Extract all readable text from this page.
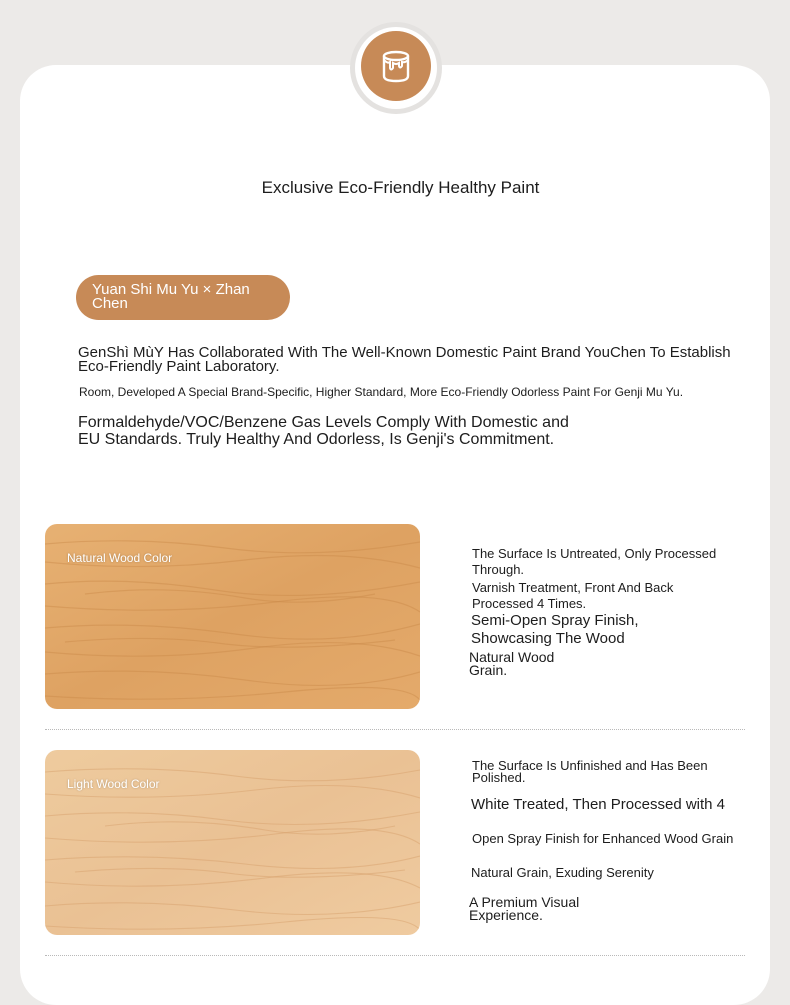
Exclusive Eco-Friendly Healthy Paint
Yuan Shi Mu Yu × Zhan Chen

GenShì MùY Has Collaborated With The Well-Known Domestic Paint Brand YouChen To Establish
Eco-Friendly Paint Laboratory.

Room, Developed A Special Brand-Specific, Higher Standard, More Eco-Friendly Odorless Paint For Genji Mu Yu.

Formaldehyde/VOC/Benzene Gas Levels Comply With Domestic and EU Standards. Truly Healthy And Odorless, Is Genji's Commitment.

Natural Wood Color	The Surface Is Untreated, Only Processed
Through.

Varnish Treatment, Front And Back
Processed 4 Times.

Semi-Open Spray Finish,
Showcasing The Wood

Natural Wood
Grain.

Light Wood Color

The Surface Is Unfinished and Has Been
Polished.

White Treated, Then Processed with 4

Open Spray Finish for Enhanced Wood Grain

Natural Grain, Exuding Serenity

A Premium Visual
Experience.
